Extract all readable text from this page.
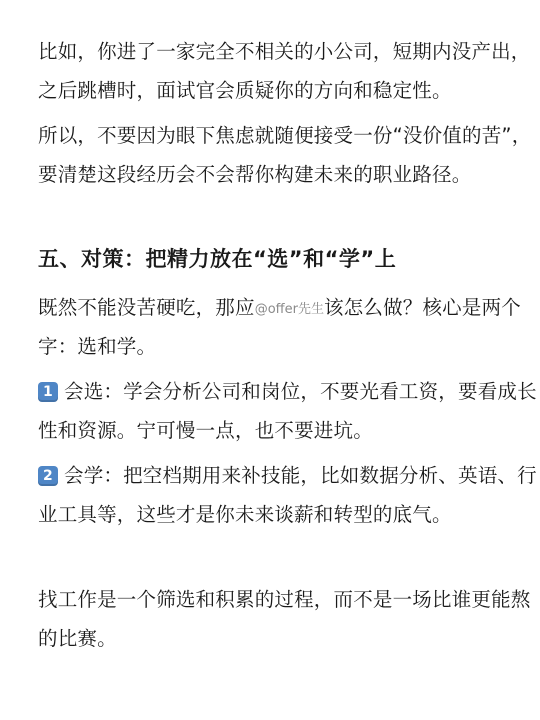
比如，你进了一家完全不相关的小公司，短期内没产出，
之后跳槽时，面试官会质疑你的方向和稳定性。
所以，不要因为眼下焦虑就随便接受一份“没价值的苦”，
要清楚这段经历会不会帮你构建未来的职业路径。
五、对策：把精力放在“选”和“学”上
既然不能没苦硬吃，那应@offer先生该怎么做？核心是两个
字：选和学。
1 会选：学会分析公司和岗位，不要光看工资，要看成长
性和资源。宁可慢一点，也不要进坑。
2 会学：把空档期用来补技能，比如数据分析、英语、行
业工具等，这些才是你未来谈薪和转型的底气。
找工作是一个筛选和积累的过程，而不是一场比谁更能熬
的比赛。
